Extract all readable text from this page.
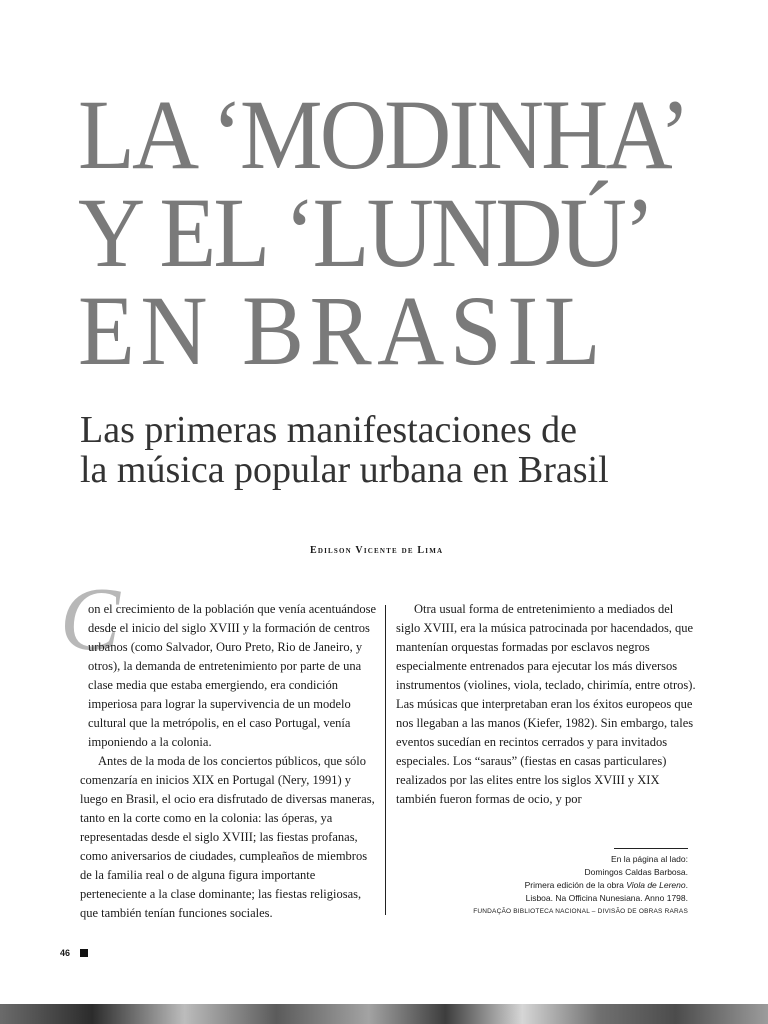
LA ‘MODINHA’
Y EL ‘LUNDÚ’
EN BRASIL
Las primeras manifestaciones de
la música popular urbana en Brasil
Edilson Vicente de Lima
C

on el crecimiento de la población que venía acentuándose desde el inicio del siglo XVIII y la formación de centros urbanos (como Salvador, Ouro Preto, Rio de Janeiro, y otros), la demanda de entretenimiento por parte de una clase media que estaba emergiendo, era condición imperiosa para lograr la supervivencia de un modelo cultural que la metrópolis, en el caso Portugal, venía imponiendo a la colonia.

Antes de la moda de los conciertos públicos, que sólo comenzaría en inicios XIX en Portugal (Nery, 1991) y luego en Brasil, el ocio era disfrutado de diversas maneras, tanto en la corte como en la colonia: las óperas, ya representadas desde el siglo XVIII; las fiestas profanas, como aniversarios de ciudades, cumpleaños de miembros de la familia real o de alguna figura importante perteneciente a la clase dominante; las fiestas religiosas, que también tenían funciones sociales.

Otra usual forma de entretenimiento a mediados del siglo XVIII, era la música patrocinada por hacendados, que mantenían orquestas formadas por esclavos negros especialmente entrenados para ejecutar los más diversos instrumentos (violines, viola, teclado, chirimía, entre otros). Las músicas que interpretaban eran los éxitos europeos que nos llegaban a las manos (Kiefer, 1982). Sin embargo, tales eventos sucedían en recintos cerrados y para invitados especiales. Los “saraus” (fiestas en casas particulares) realizados por las elites entre los siglos XVIII y XIX también fueron formas de ocio, y por

En la página al lado:
Domingos Caldas Barbosa.
Primera edición de la obra Viola de Lereno.
Lisboa. Na Officina Nunesiana. Anno 1798.
FUNDAÇÃO BIBLIOTECA NACIONAL – DIVISÃO DE OBRAS RARAS
46
